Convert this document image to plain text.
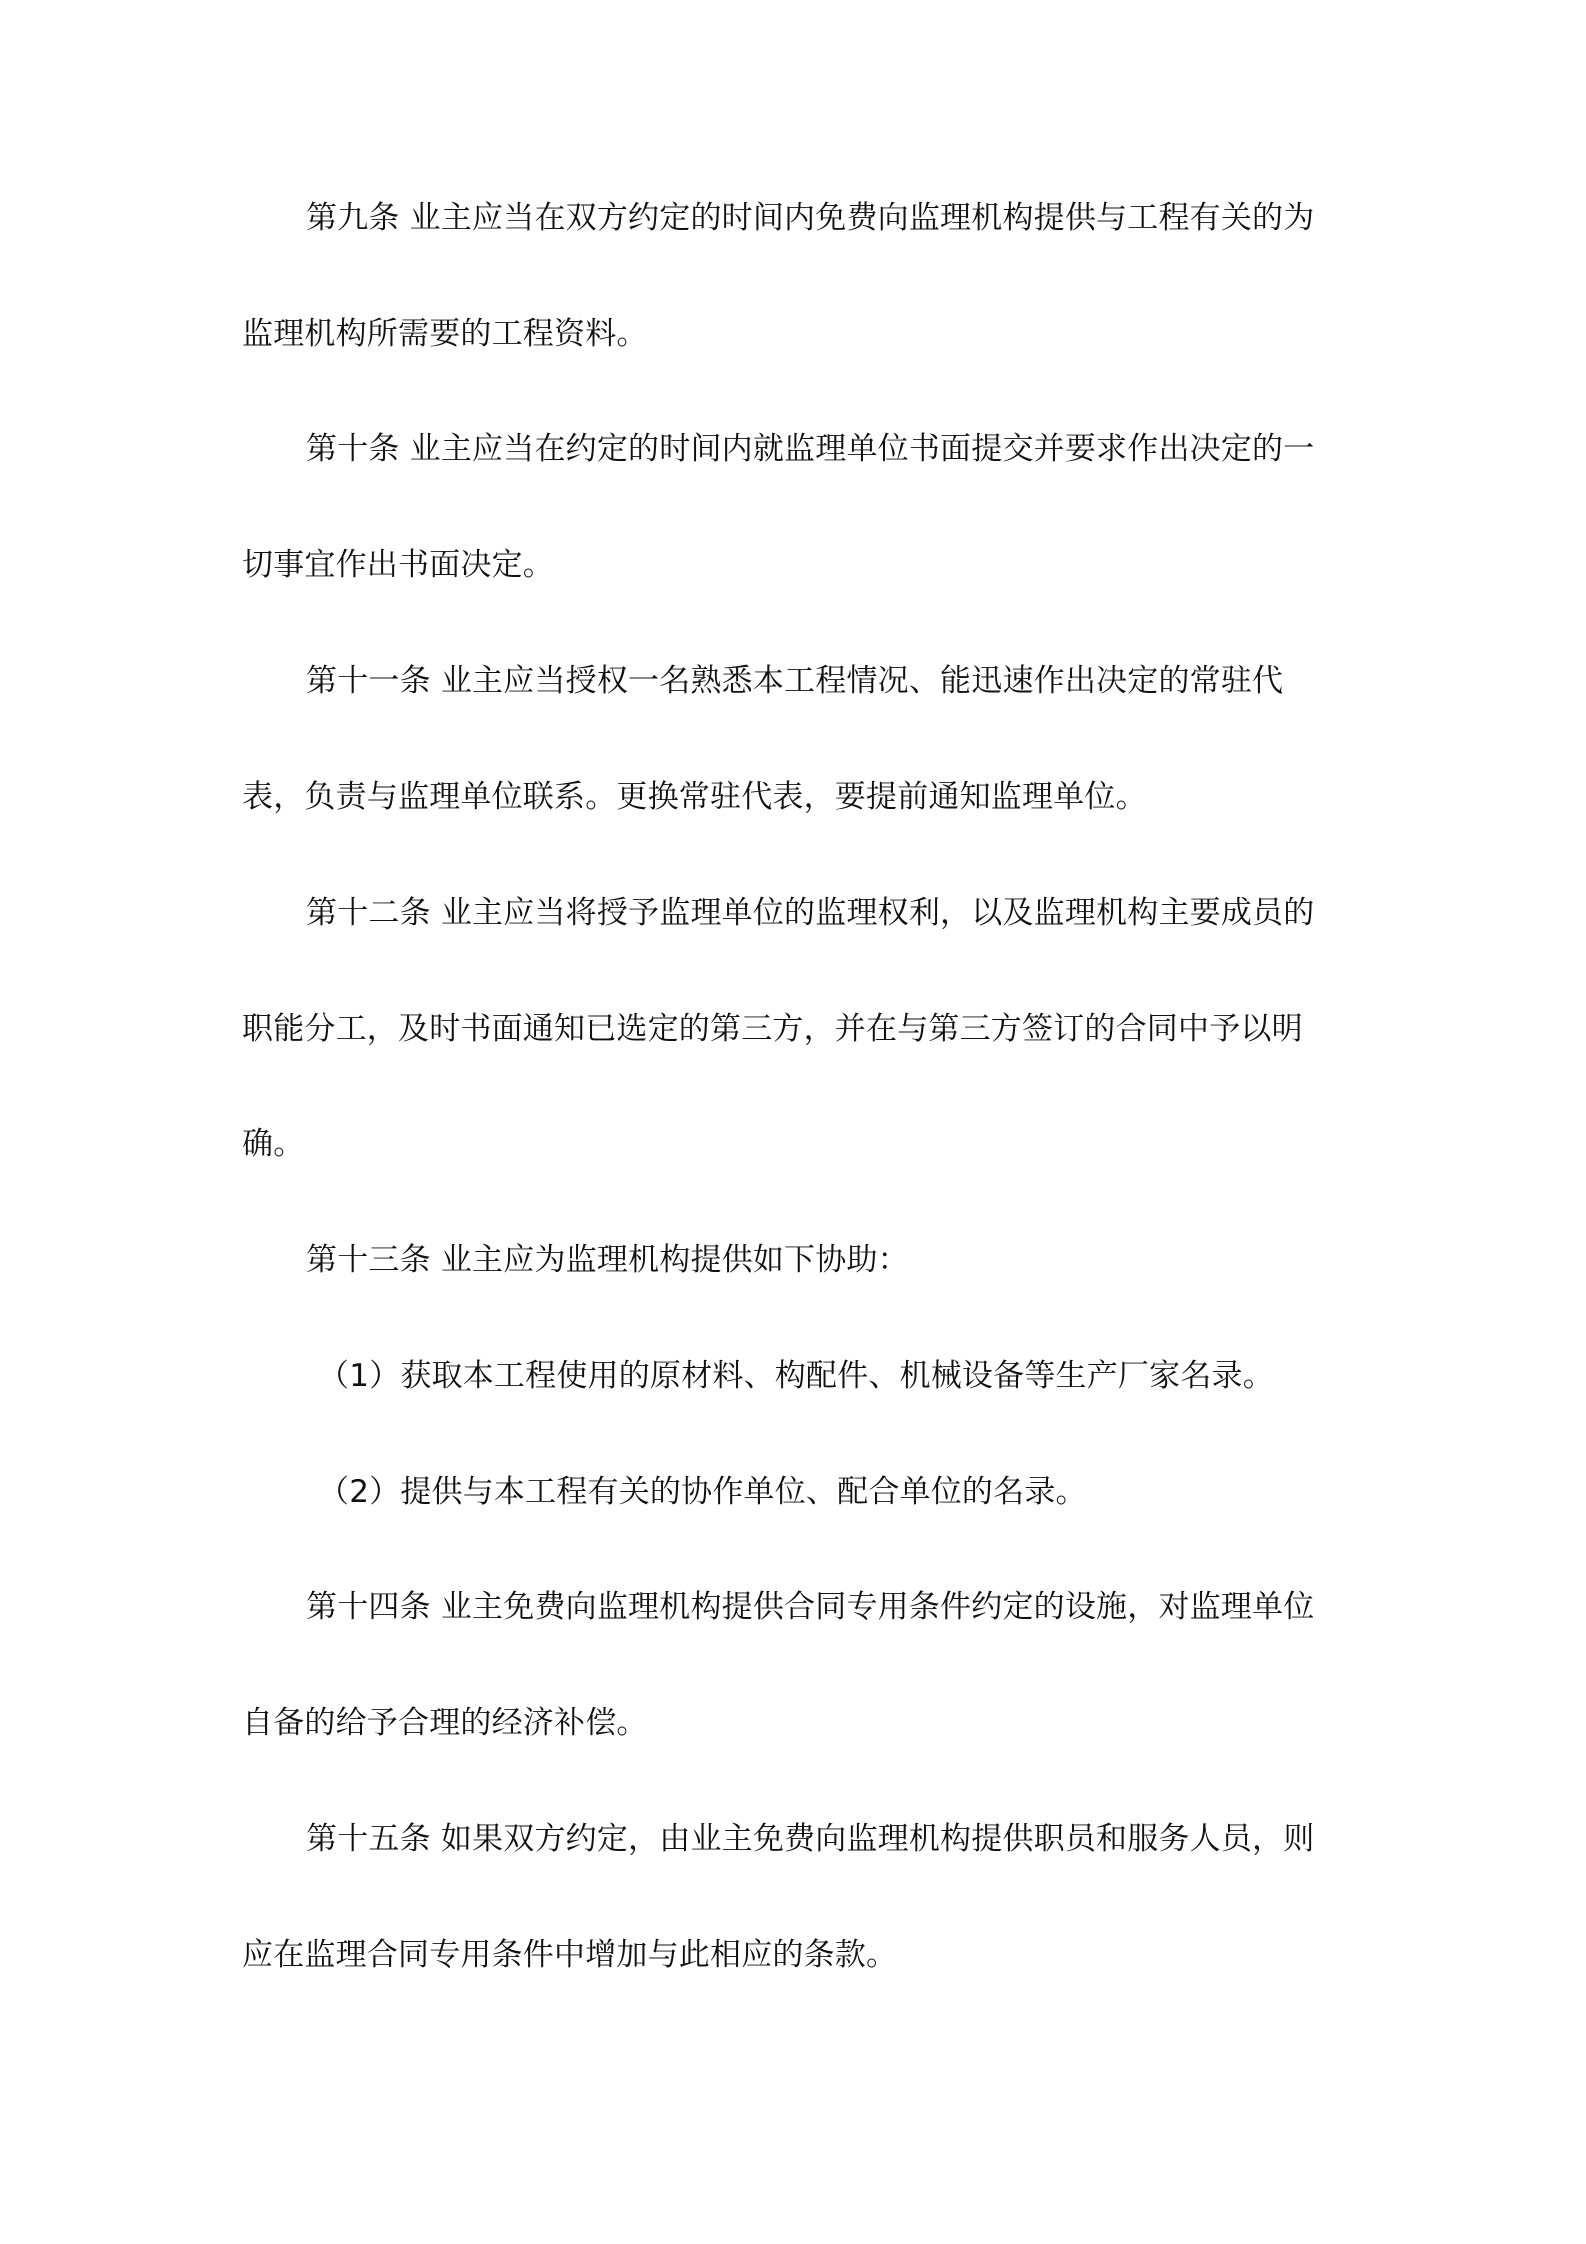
第九条 业主应当在双方约定的时间内免费向监理机构提供与工程有关的为
监理机构所需要的工程资料。
第十条 业主应当在约定的时间内就监理单位书面提交并要求作出决定的一
切事宜作出书面决定。
第十一条 业主应当授权一名熟悉本工程情况、能迅速作出决定的常驻代
表，负责与监理单位联系。更换常驻代表，要提前通知监理单位。
第十二条 业主应当将授予监理单位的监理权利，以及监理机构主要成员的
职能分工，及时书面通知已选定的第三方，并在与第三方签订的合同中予以明
确。
第十三条 业主应为监理机构提供如下协助：
（1）获取本工程使用的原材料、构配件、机械设备等生产厂家名录。
（2）提供与本工程有关的协作单位、配合单位的名录。
第十四条 业主免费向监理机构提供合同专用条件约定的设施，对监理单位
自备的给予合理的经济补偿。
第十五条 如果双方约定，由业主免费向监理机构提供职员和服务人员，则
应在监理合同专用条件中增加与此相应的条款。
